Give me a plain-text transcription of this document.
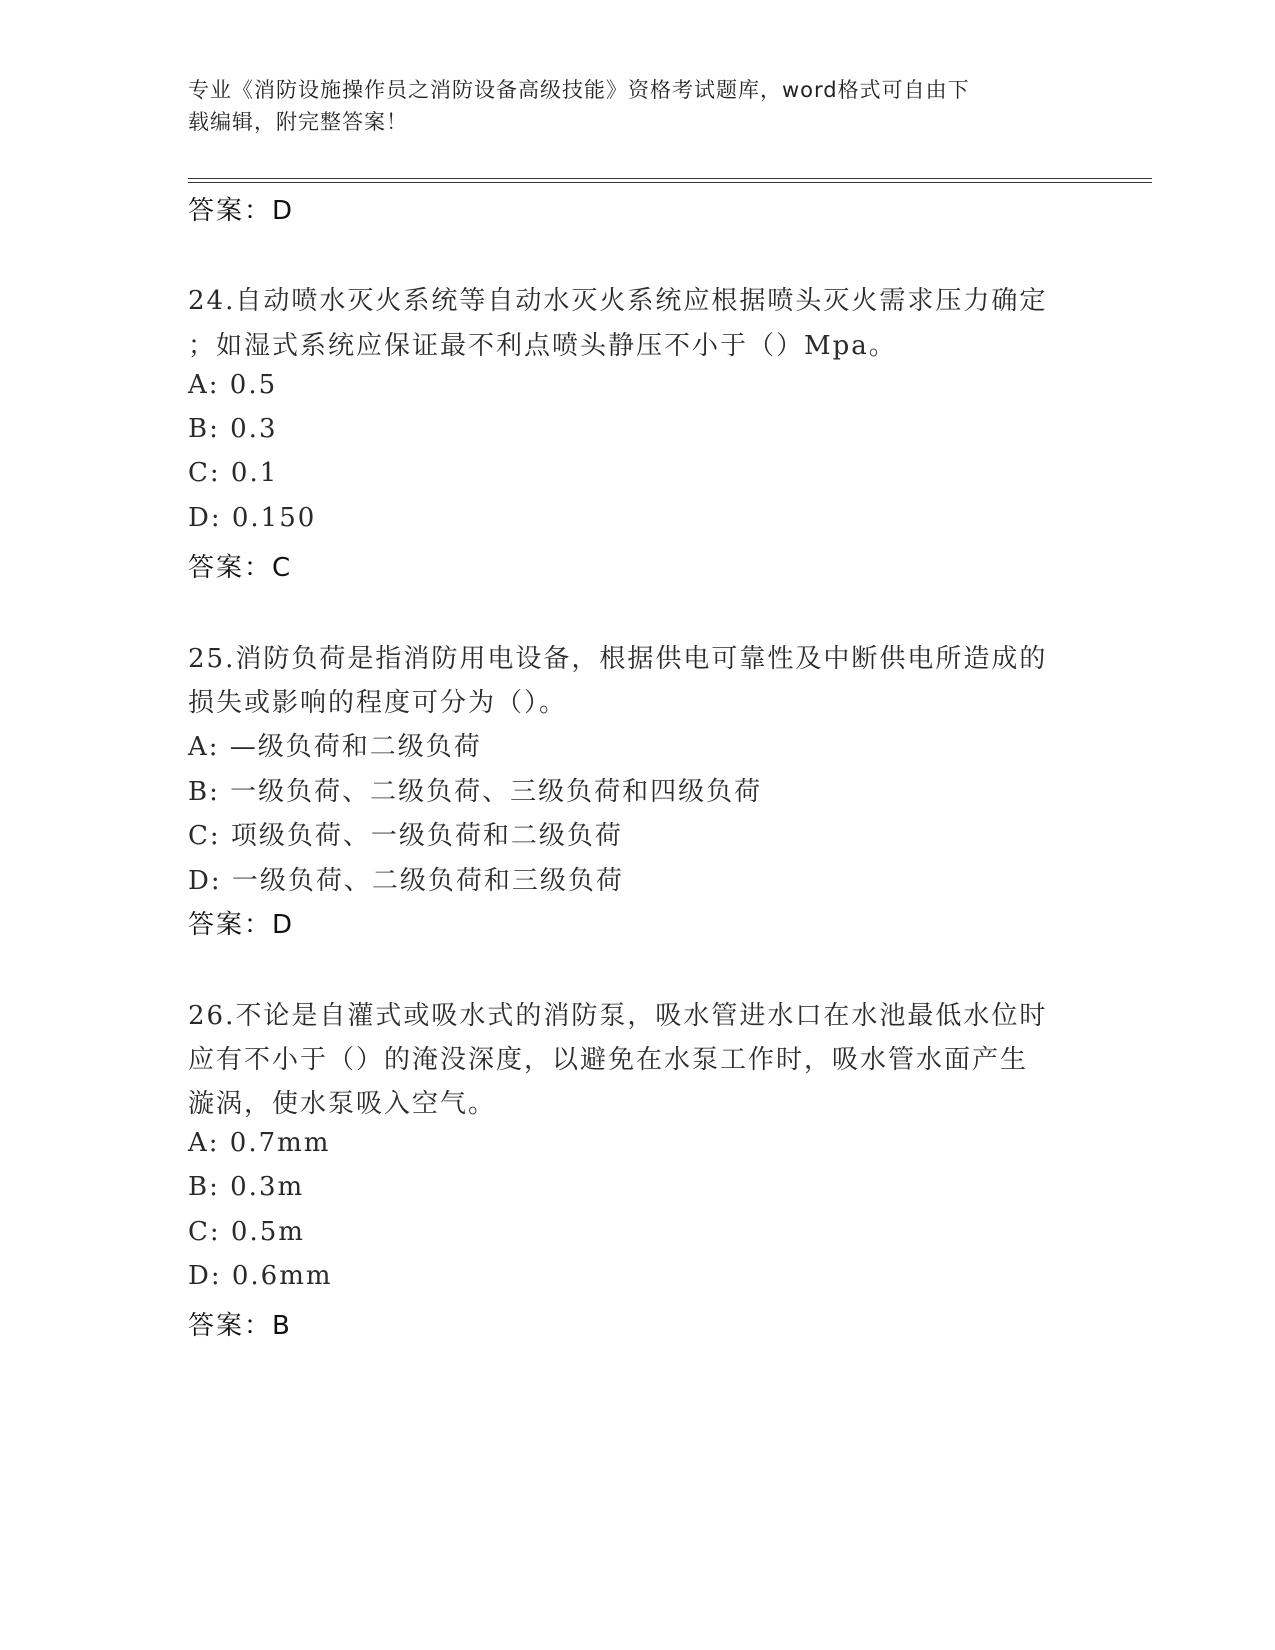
专业《消防设施操作员之消防设备高级技能》资格考试题库，word格式可自由下
载编辑，附完整答案！
答案：D
24.自动喷水灭火系统等自动水灭火系统应根据喷头灭火需求压力确定
；如湿式系统应保证最不利点喷头静压不小于（）Mpa。
A: 0.5
B: 0.3
C: 0.1
D: 0.150
答案：C
25.消防负荷是指消防用电设备，根据供电可靠性及中断供电所造成的
损失或影响的程度可分为（）。
A: —级负荷和二级负荷
B: 一级负荷、二级负荷、三级负荷和四级负荷
C: 项级负荷、一级负荷和二级负荷
D: 一级负荷、二级负荷和三级负荷
答案：D
26.不论是自灌式或吸水式的消防泵，吸水管进水口在水池最低水位时
应有不小于（）的淹没深度，以避免在水泵工作时，吸水管水面产生
漩涡，使水泵吸入空气。
A: 0.7mm
B: 0.3m
C: 0.5m
D: 0.6mm
答案：B
